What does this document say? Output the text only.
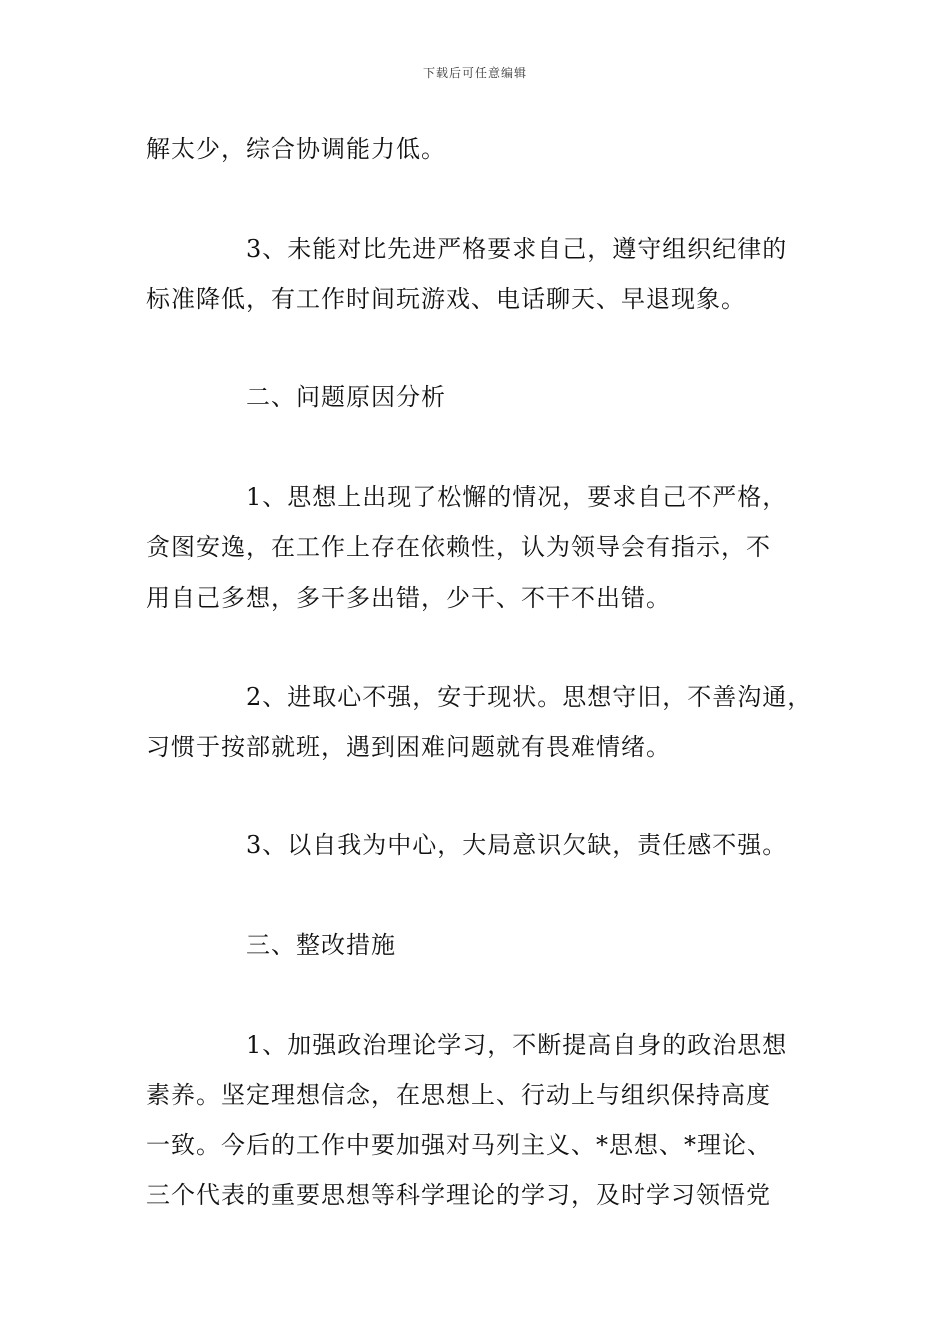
下载后可任意编辑
解太少，综合协调能力低。
3、未能对比先进严格要求自己，遵守组织纪律的
标准降低，有工作时间玩游戏、电话聊天、早退现象。
二、问题原因分析
1、思想上出现了松懈的情况，要求自己不严格，
贪图安逸，在工作上存在依赖性，认为领导会有指示，不
用自己多想，多干多出错，少干、不干不出错。
2、进取心不强，安于现状。思想守旧，不善沟通，
习惯于按部就班，遇到困难问题就有畏难情绪。
3、以自我为中心，大局意识欠缺，责任感不强。
三、整改措施
1、加强政治理论学习，不断提高自身的政治思想
素养。坚定理想信念，在思想上、行动上与组织保持高度
一致。今后的工作中要加强对马列主义、*思想、*理论、
三个代表的重要思想等科学理论的学习，及时学习领悟党
